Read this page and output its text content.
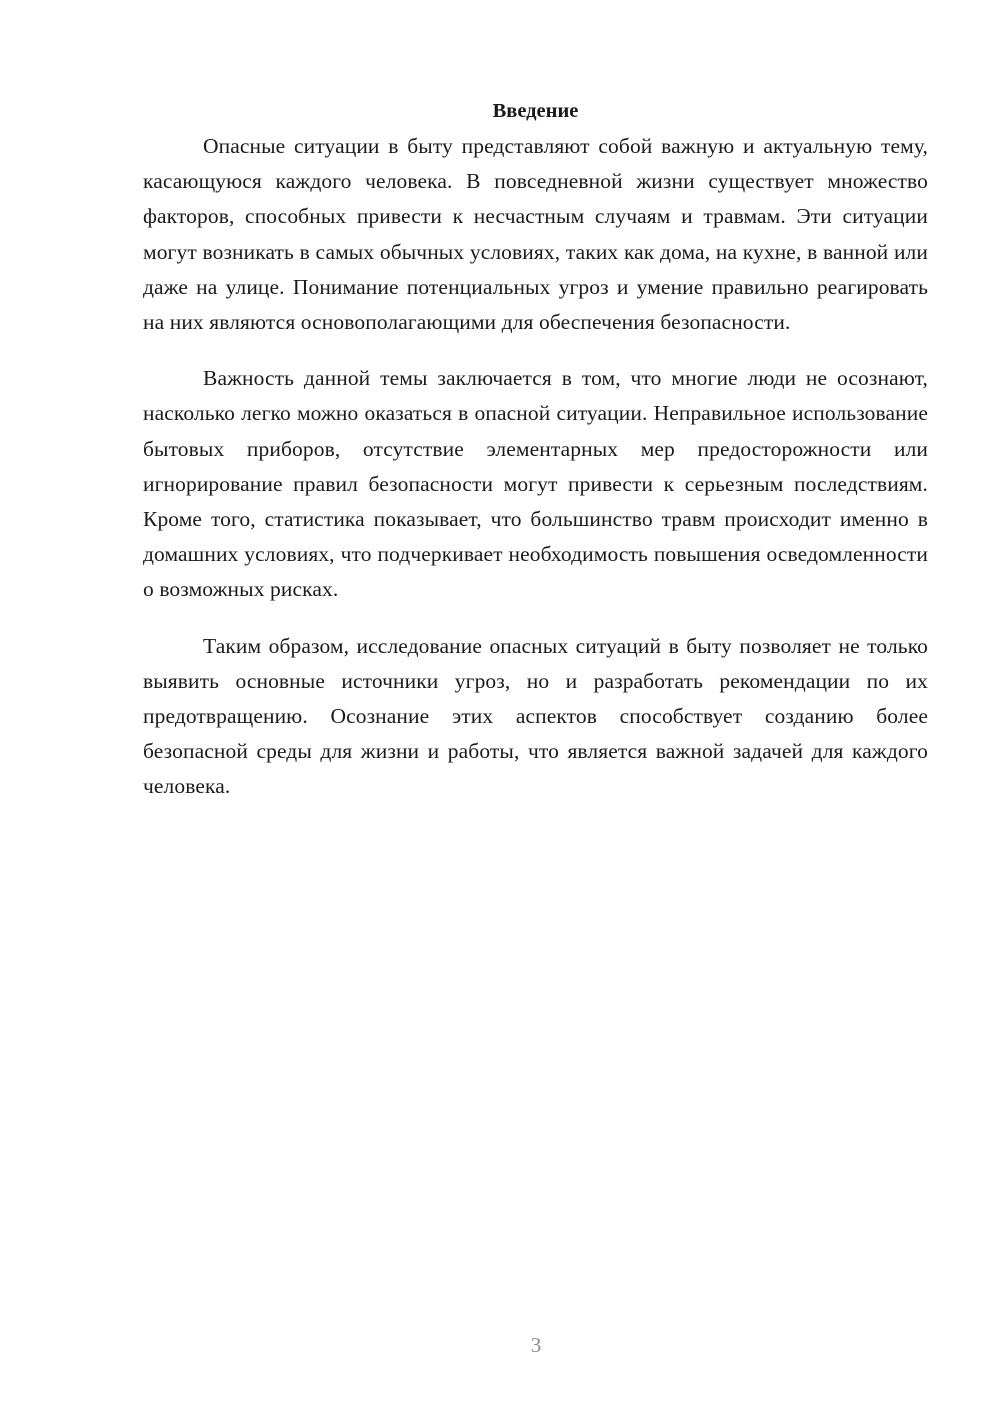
Введение

Опасные ситуации в быту представляют собой важную и актуальную тему, касающуюся каждого человека. В повседневной жизни существует множество факторов, способных привести к несчастным случаям и травмам. Эти ситуации могут возникать в самых обычных условиях, таких как дома, на кухне, в ванной или даже на улице. Понимание потенциальных угроз и умение правильно реагировать на них являются основополагающими для обеспечения безопасности.

Важность данной темы заключается в том, что многие люди не осознают, насколько легко можно оказаться в опасной ситуации. Неправильное использование бытовых приборов, отсутствие элементарных мер предосторожности или игнорирование правил безопасности могут привести к серьезным последствиям. Кроме того, статистика показывает, что большинство травм происходит именно в домашних условиях, что подчеркивает необходимость повышения осведомленности о возможных рисках.

Таким образом, исследование опасных ситуаций в быту позволяет не только выявить основные источники угроз, но и разработать рекомендации по их предотвращению. Осознание этих аспектов способствует созданию более безопасной среды для жизни и работы, что является важной задачей для каждого человека.

3
